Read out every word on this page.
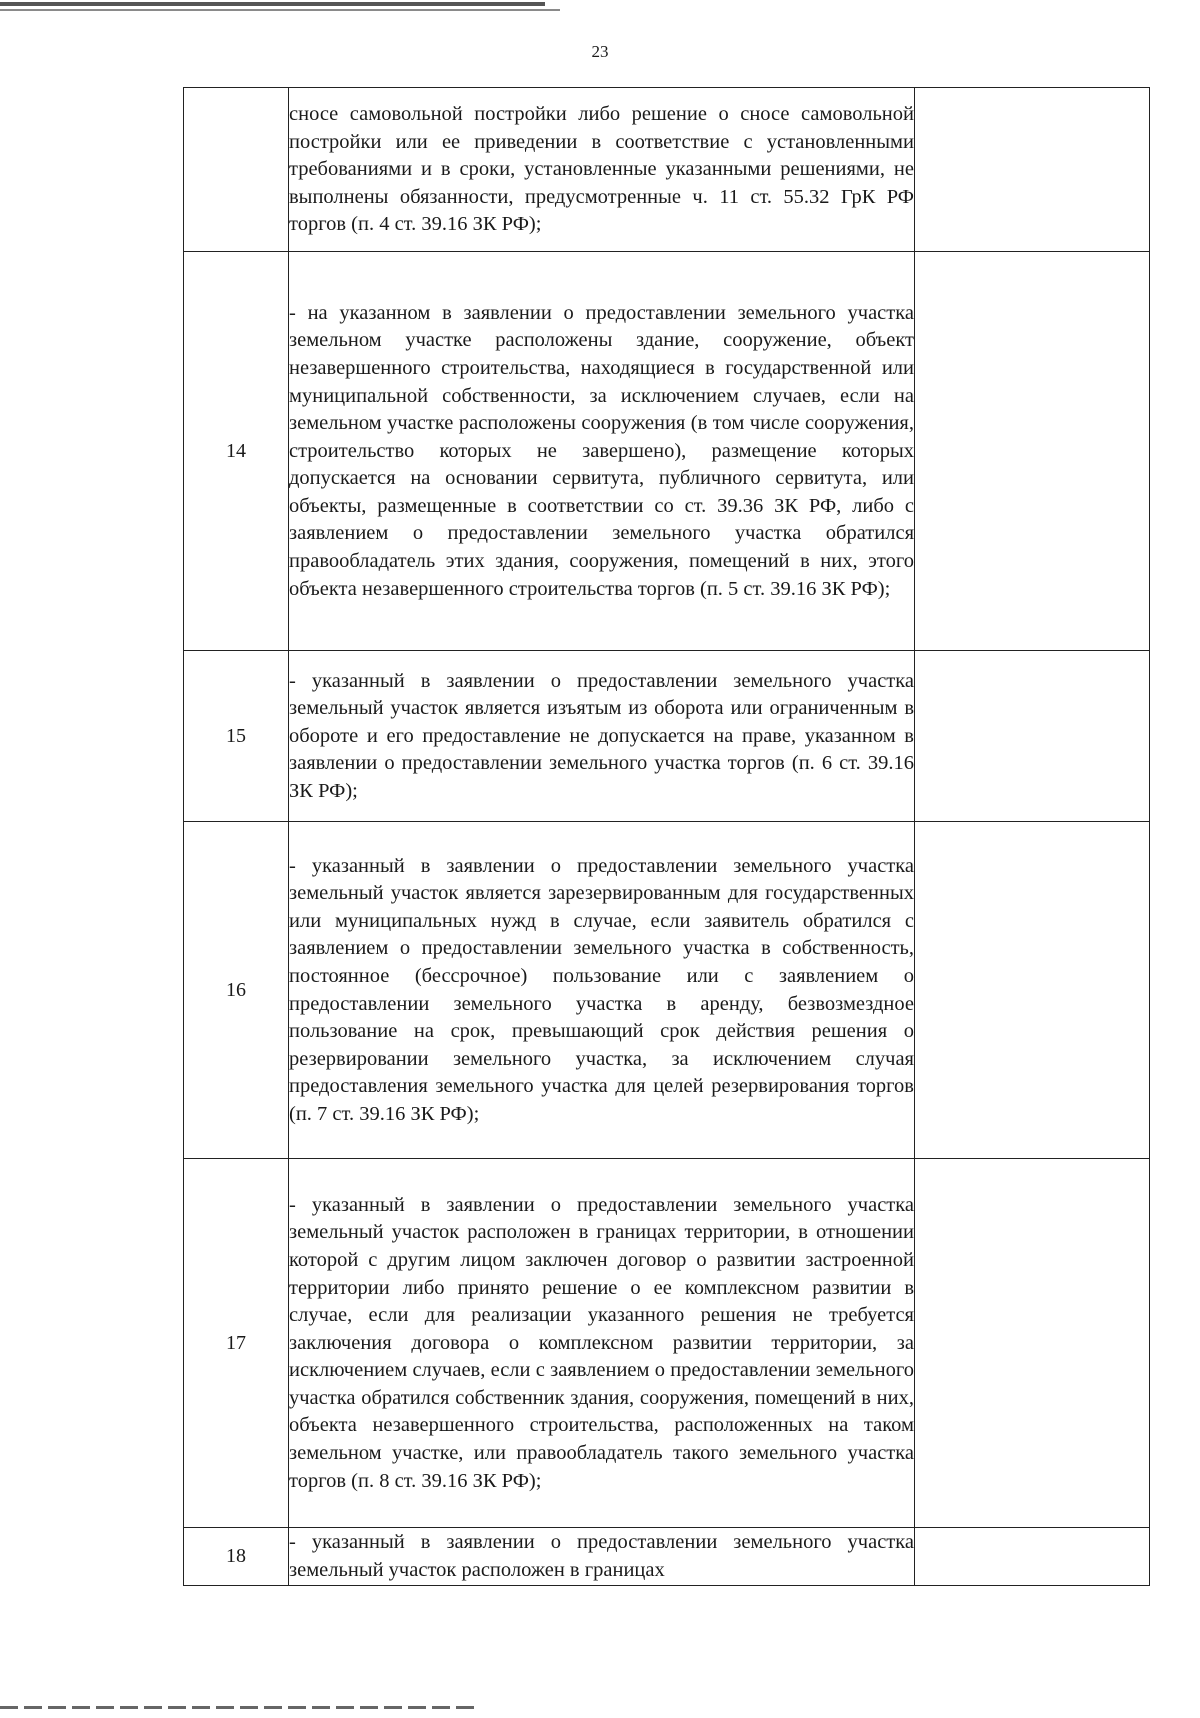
23

	сносе самовольной постройки либо решение о сносе самовольной постройки или ее приведении в соответствие с установленными требованиями и в сроки, установленные указанными решениями, не выполнены обязанности, предусмотренные ч. 11 ст. 55.32 ГрК РФ торгов (п. 4 ст. 39.16 ЗК РФ);	

14	- на указанном в заявлении о предоставлении земельного участка земельном участке расположены здание, сооружение, объект незавершенного строительства, находящиеся в государственной или муниципальной собственности, за исключением случаев, если на земельном участке расположены сооружения (в том числе сооружения, строительство которых не завершено), размещение которых допускается на основании сервитута, публичного сервитута, или объекты, размещенные в соответствии со ст. 39.36 ЗК РФ, либо с заявлением о предоставлении земельного участка обратился правообладатель этих здания, сооружения, помещений в них, этого объекта незавершенного строительства торгов (п. 5 ст. 39.16 ЗК РФ);	

15	- указанный в заявлении о предоставлении земельного участка земельный участок является изъятым из оборота или ограниченным в обороте и его предоставление не допускается на праве, указанном в заявлении о предоставлении земельного участка торгов (п. 6 ст. 39.16 ЗК РФ);	

16	- указанный в заявлении о предоставлении земельного участка земельный участок является зарезервированным для государственных или муниципальных нужд в случае, если заявитель обратился с заявлением о предоставлении земельного участка в собственность, постоянное (бессрочное) пользование или с заявлением о предоставлении земельного участка в аренду, безвозмездное пользование на срок, превышающий срок действия решения о резервировании земельного участка, за исключением случая предоставления земельного участка для целей резервирования торгов (п. 7 ст. 39.16 ЗК РФ);	

17	- указанный в заявлении о предоставлении земельного участка земельный участок расположен в границах территории, в отношении которой с другим лицом заключен договор о развитии застроенной территории либо принято решение о ее комплексном развитии в случае, если для реализации указанного решения не требуется заключения договора о комплексном развитии территории, за исключением случаев, если с заявлением о предоставлении земельного участка обратился собственник здания, сооружения, помещений в них, объекта незавершенного строительства, расположенных на таком земельном участке, или правообладатель такого земельного участка торгов (п. 8 ст. 39.16 ЗК РФ);	

18	- указанный в заявлении о предоставлении земельного участка земельный участок расположен в границах	
